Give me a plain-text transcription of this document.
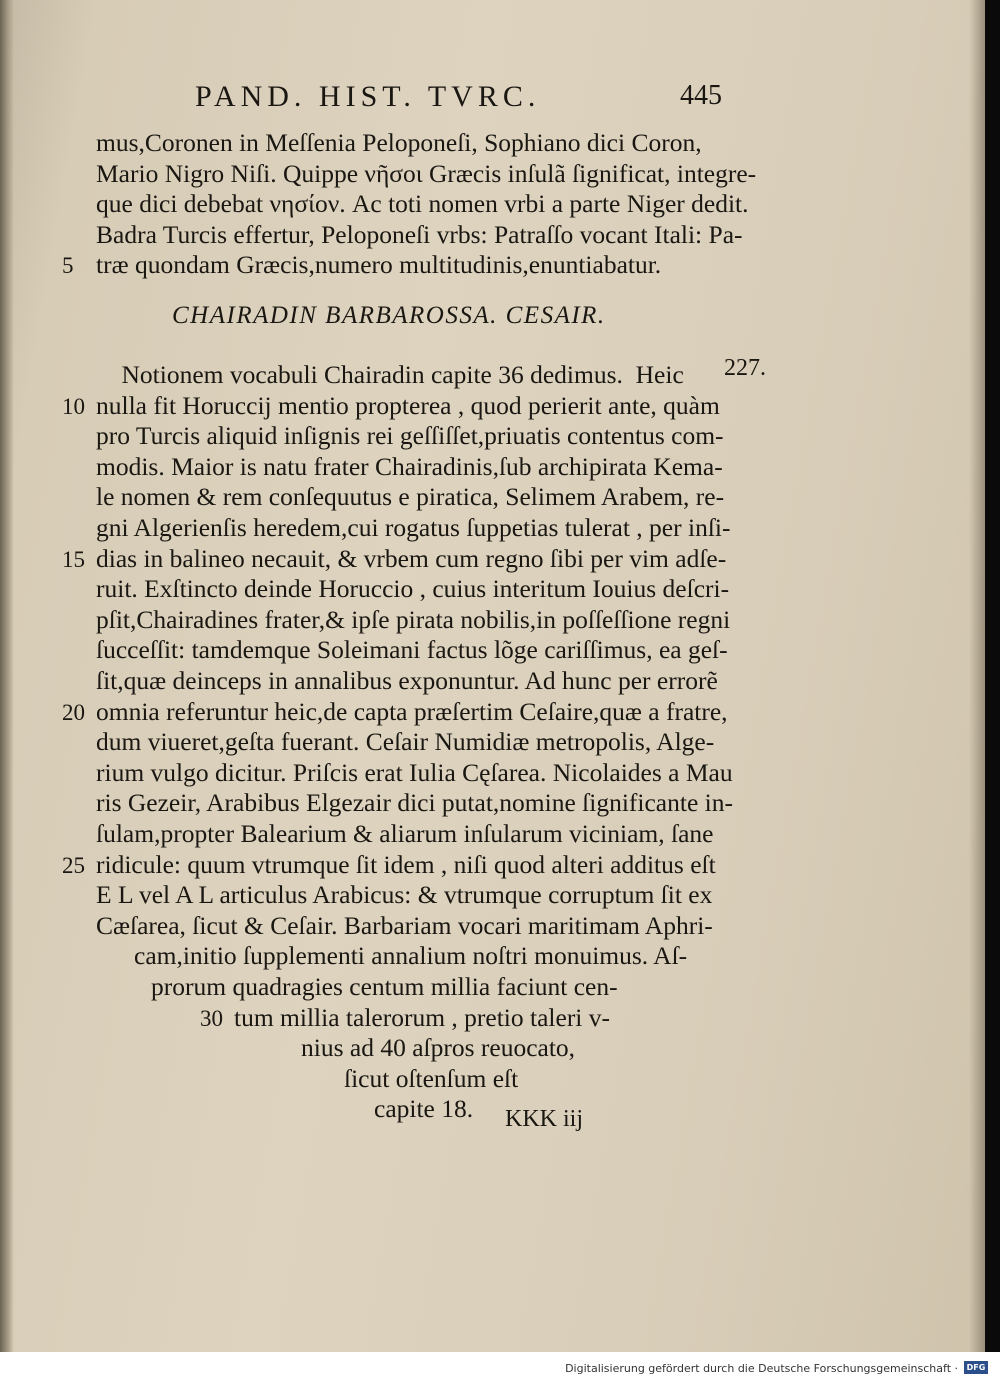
PAND. HIST. TVRC.	445
mus,Coronen in Meſſenia Peloponeſi, Sophiano dici Coron,
Mario Nigro Niſi. Quippe νῆσοι Græcis inſulã ſignificat, integre-
que dici debebat νησίον. Ac toti nomen vrbi a parte Niger dedit.
Badra Turcis effertur, Peloponeſi vrbs: Patraſſo vocant Itali: Pa-
5 træ quondam Græcis,numero multitudinis,enuntiabatur.
CHAIRADIN BARBAROSSA. CESAIR.
227.
Notionem vocabuli Chairadin capite 36 dedimus.  Heic
10 nulla fit Horuccij mentio propterea , quod perierit ante, quàm
pro Turcis aliquid inſignis rei geſſiſſet,priuatis contentus com-
modis. Maior is natu frater Chairadinis,ſub archipirata Kema-
le nomen & rem conſequutus e piratica, Selimem Arabem, re-
gni Algerienſis heredem,cui rogatus ſuppetias tulerat , per inſi-
15 dias in balineo necauit, & vrbem cum regno ſibi per vim adſe-
ruit. Exſtincto deinde Horuccio , cuius interitum Iouius deſcri-
pſit,Chairadines frater,& ipſe pirata nobilis,in poſſeſſione regni
ſucceſſit: tamdemque Soleimani factus lõge cariſſimus, ea geſ-
ſit,quæ deinceps in annalibus exponuntur. Ad hunc per errorẽ
20 omnia referuntur heic,de capta præſertim Ceſaire,quæ a fratre,
dum viueret,geſta fuerant. Ceſair Numidiæ metropolis, Alge-
rium vulgo dicitur. Priſcis erat Iulia Cęſarea. Nicolaides a Mau
ris Gezeir, Arabibus Elgezair dici putat,nomine ſignificante in-
ſulam,propter Balearium & aliarum inſularum viciniam, ſane
25 ridicule: quum vtrumque ſit idem , niſi quod alteri additus eſt
E L vel A L articulus Arabicus: & vtrumque corruptum ſit ex
Cæſarea, ſicut & Ceſair. Barbariam vocari maritimam Aphri-
cam,initio ſupplementi annalium noſtri monuimus. Aſ-
prorum quadragies centum millia faciunt cen-
30 tum millia talerorum , pretio taleri v-
nius ad 40 aſpros reuocato,
ſicut oſtenſum eſt
capite 18. KKK iij
Digitalisierung gefördert durch die Deutsche Forschungsgemeinschaft ·	DFG
